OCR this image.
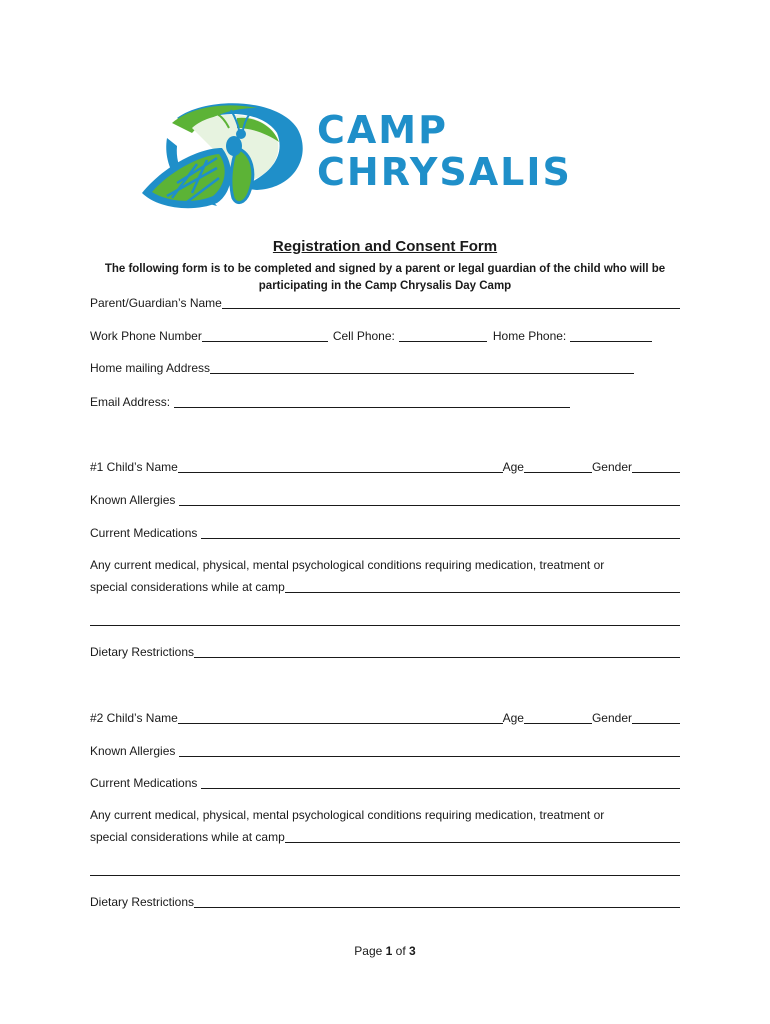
CAMP
CHRYSALIS
Registration and Consent Form
The following form is to be completed and signed by a parent or legal guardian of the child who will be participating in the Camp Chrysalis Day Camp
Parent/Guardian’s Name
Work Phone Number	Cell Phone:	Home Phone:
Home mailing Address
Email Address:
#1 Child’s Name	Age	Gender
Known Allergies
Current Medications
Any current medical, physical, mental psychological conditions requiring medication, treatment or
special considerations while at camp
Dietary Restrictions
#2 Child’s Name	Age	Gender
Known Allergies
Current Medications
Any current medical, physical, mental psychological conditions requiring medication, treatment or
special considerations while at camp
Dietary Restrictions
Page 1 of 3
